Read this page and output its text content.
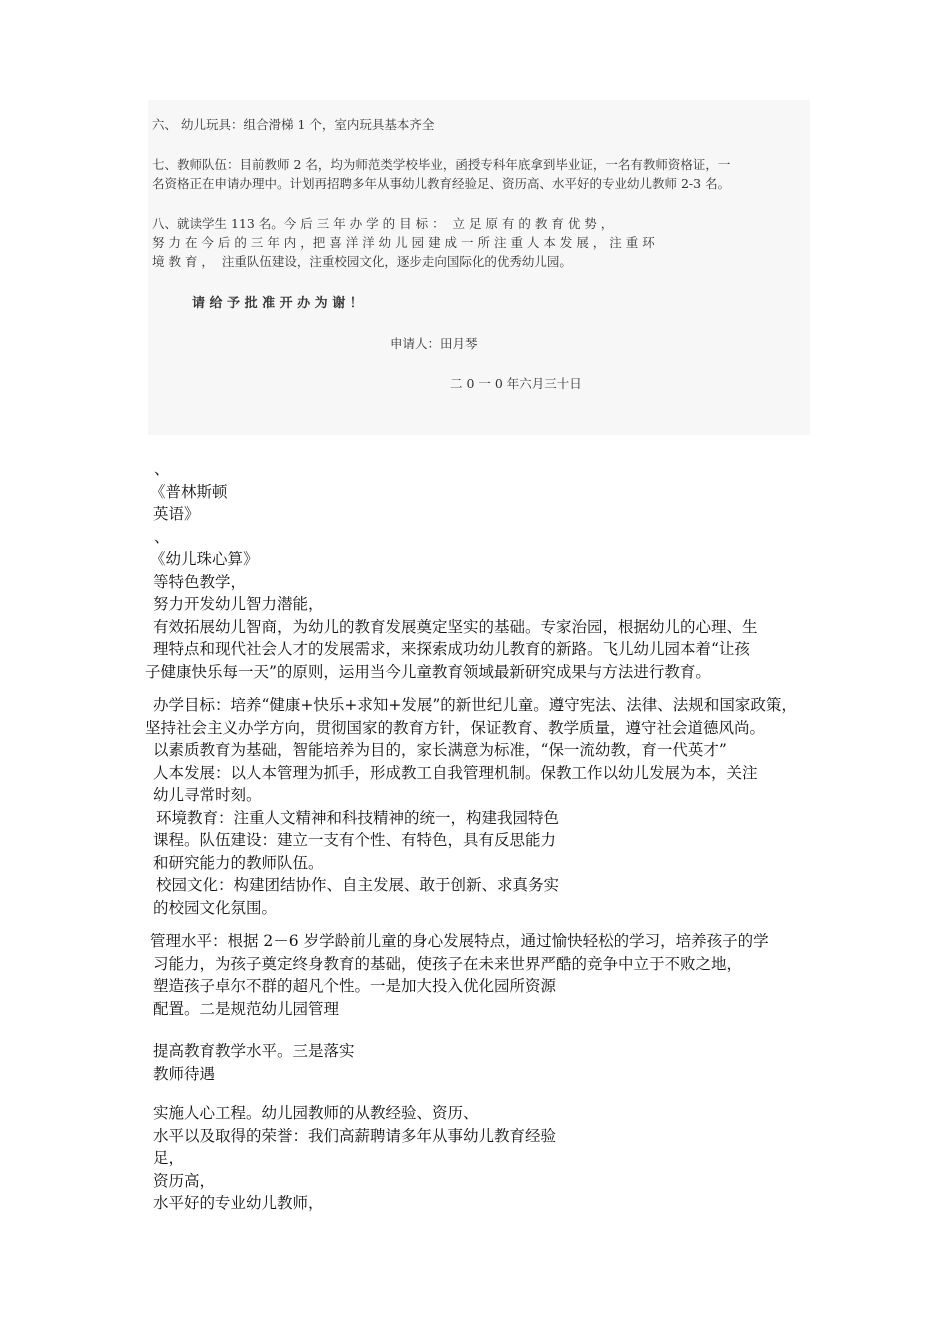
六、 幼儿玩具：组合滑梯 1 个，室内玩具基本齐全

七、教师队伍：目前教师 2 名，均为师范类学校毕业，函授专科年底拿到毕业证，一名有教师资格证，一

名资格正在申请办理中。计划再招聘多年从事幼儿教育经验足、资历高、水平好的专业幼儿教师 2-3 名。

八、就读学生 113 名。今 后 三 年 办 学 的 目 标 ：  立 足 原 有 的 教 育 优 势 ，

努 力 在 今 后 的 三 年 内 ，把 喜 洋 洋 幼 儿 园 建 成 一 所 注 重 人 本 发 展 ， 注 重 环

境 教 育 ，  注重队伍建设，注重校园文化，逐步走向国际化的优秀幼儿园。

请 给 予 批 准 开 办 为 谢 ！

申请人：田月琴

二 0 一 0 年六月三十日

、
《普林斯顿
英语》
、
《幼儿珠心算》
等特色教学，
努力开发幼儿智力潜能，
有效拓展幼儿智商，为幼儿的教育发展奠定坚实的基础。专家治园，根据幼儿的心理、生
理特点和现代社会人才的发展需求，来探索成功幼儿教育的新路。飞儿幼儿园本着“让孩
子健康快乐每一天”的原则，运用当今儿童教育领域最新研究成果与方法进行教育。
办学目标：培养“健康+快乐+求知+发展”的新世纪儿童。遵守宪法、法律、法规和国家政策，
坚持社会主义办学方向，贯彻国家的教育方针，保证教育、教学质量，遵守社会道德风尚。
以素质教育为基础，智能培养为目的，家长满意为标准，“保一流幼教，育一代英才”
人本发展：以人本管理为抓手，形成教工自我管理机制。保教工作以幼儿发展为本，关注
幼儿寻常时刻。
环境教育：注重人文精神和科技精神的统一，构建我园特色
课程。队伍建设：建立一支有个性、有特色，具有反思能力
和研究能力的教师队伍。
校园文化：构建团结协作、自主发展、敢于创新、求真务实
的校园文化氛围。
管理水平：根据 2－6 岁学龄前儿童的身心发展特点，通过愉快轻松的学习，培养孩子的学
习能力，为孩子奠定终身教育的基础，使孩子在未来世界严酷的竞争中立于不败之地，
塑造孩子卓尔不群的超凡个性。一是加大投入优化园所资源
配置。二是规范幼儿园管理
提高教育教学水平。三是落实
教师待遇
实施人心工程。幼儿园教师的从教经验、资历、
水平以及取得的荣誉：我们高薪聘请多年从事幼儿教育经验
足，
资历高，
水平好的专业幼儿教师，
